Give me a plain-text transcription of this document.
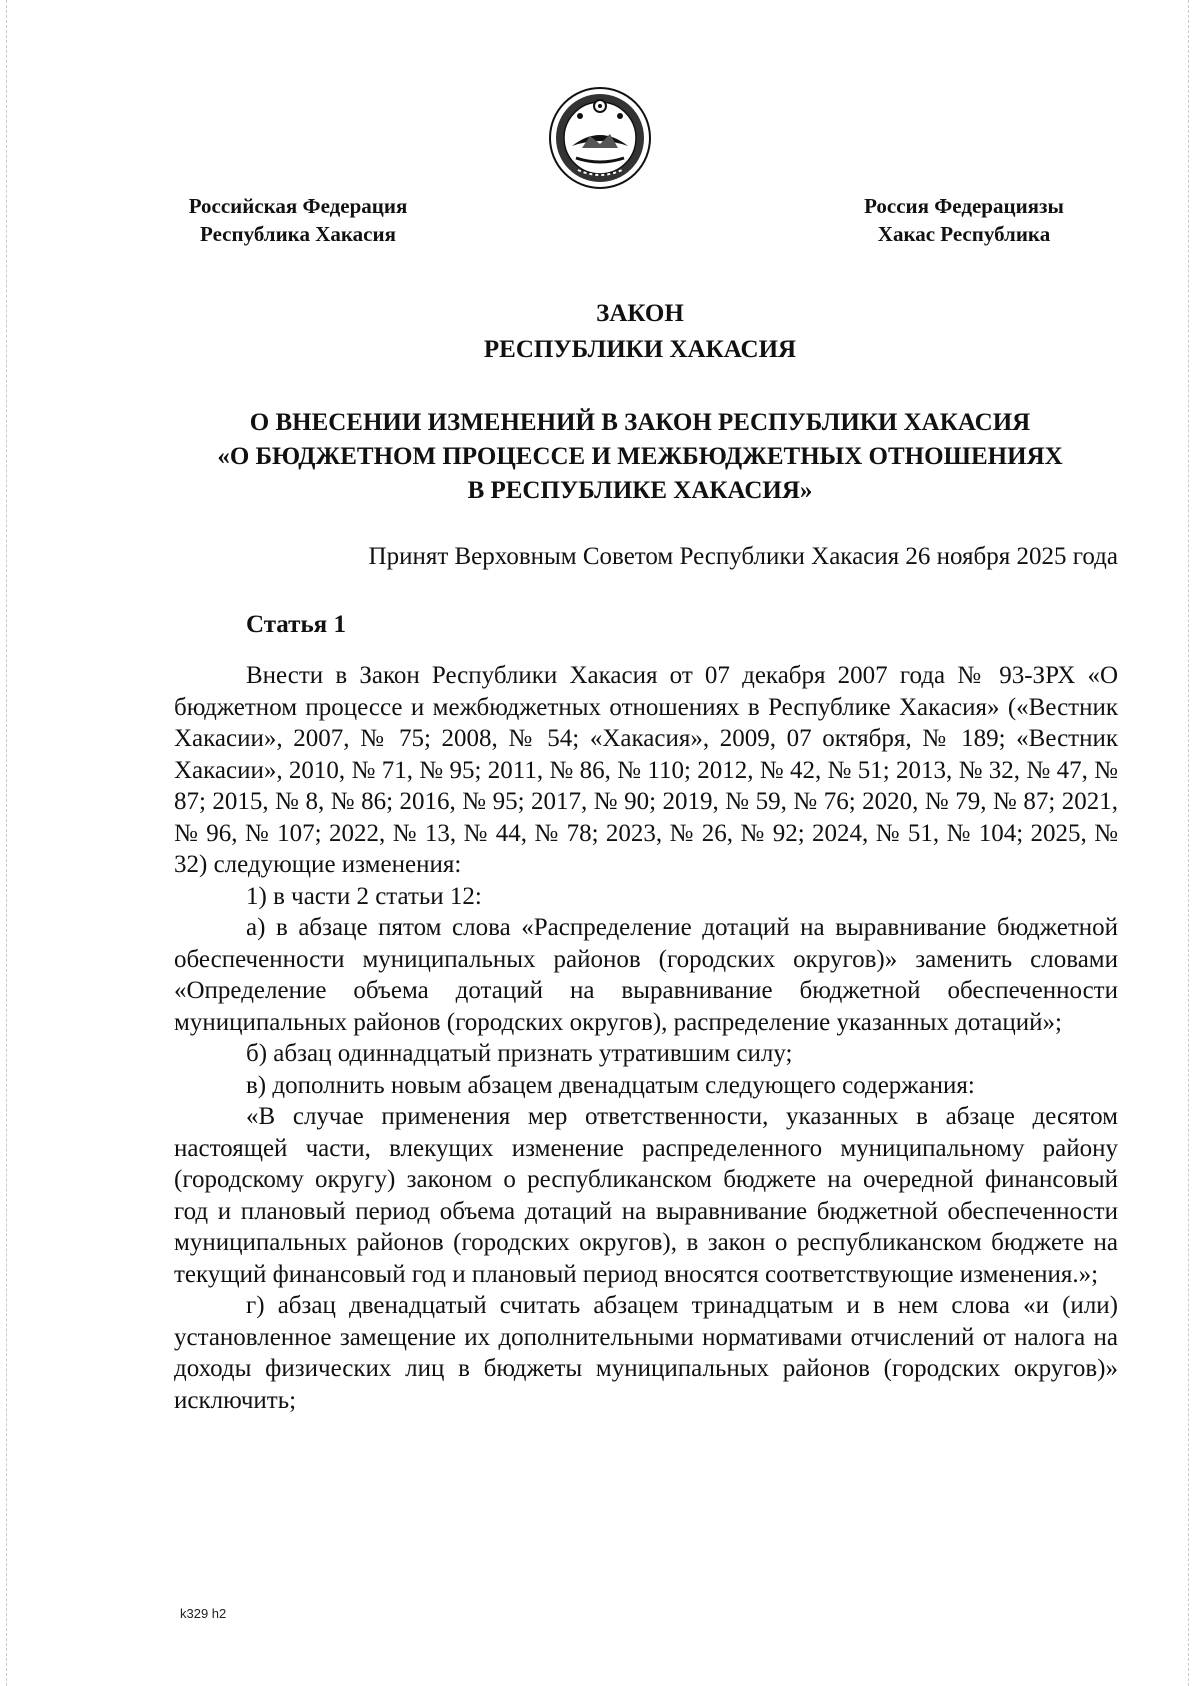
Российская Федерация
Республика Хакасия
Россия Федерациязы
Хакас Республика
ЗАКОН
РЕСПУБЛИКИ ХАКАСИЯ
О ВНЕСЕНИИ ИЗМЕНЕНИЙ В ЗАКОН РЕСПУБЛИКИ ХАКАСИЯ
«О БЮДЖЕТНОМ ПРОЦЕССЕ И МЕЖБЮДЖЕТНЫХ ОТНОШЕНИЯХ
В РЕСПУБЛИКЕ ХАКАСИЯ»
Принят Верховным Советом Республики Хакасия 26 ноября 2025 года
Статья 1

Внести в Закон Республики Хакасия от 07 декабря 2007 года № 93-ЗРХ «О бюджетном процессе и межбюджетных отношениях в Республике Хакасия» («Вестник Хакасии», 2007, № 75; 2008, № 54; «Хакасия», 2009, 07 октября, № 189; «Вестник Хакасии», 2010, № 71, № 95; 2011, № 86, № 110; 2012, № 42, № 51; 2013, № 32, № 47, № 87; 2015, № 8, № 86; 2016, № 95; 2017, № 90; 2019, № 59, № 76; 2020, № 79, № 87; 2021, № 96, № 107; 2022, № 13, № 44, № 78; 2023, № 26, № 92; 2024, № 51, № 104; 2025, № 32) следующие изменения:

1) в части 2 статьи 12:

а) в абзаце пятом слова «Распределение дотаций на выравнивание бюджетной обеспеченности муниципальных районов (городских округов)» заменить словами «Определение объема дотаций на выравнивание бюджетной обеспеченности муниципальных районов (городских округов), распределение указанных дотаций»;

б) абзац одиннадцатый признать утратившим силу;

в) дополнить новым абзацем двенадцатым следующего содержания:

«В случае применения мер ответственности, указанных в абзаце десятом настоящей части, влекущих изменение распределенного муниципальному району (городскому округу) законом о республиканском бюджете на очередной финансовый год и плановый период объема дотаций на выравнивание бюджетной обеспеченности муниципальных районов (городских округов), в закон о республиканском бюджете на текущий финансовый год и плановый период вносятся соответствующие изменения.»;

г) абзац двенадцатый считать абзацем тринадцатым и в нем слова «и (или) установленное замещение их дополнительными нормативами отчислений от налога на доходы физических лиц в бюджеты муниципальных районов (городских округов)» исключить;

k329 h2
